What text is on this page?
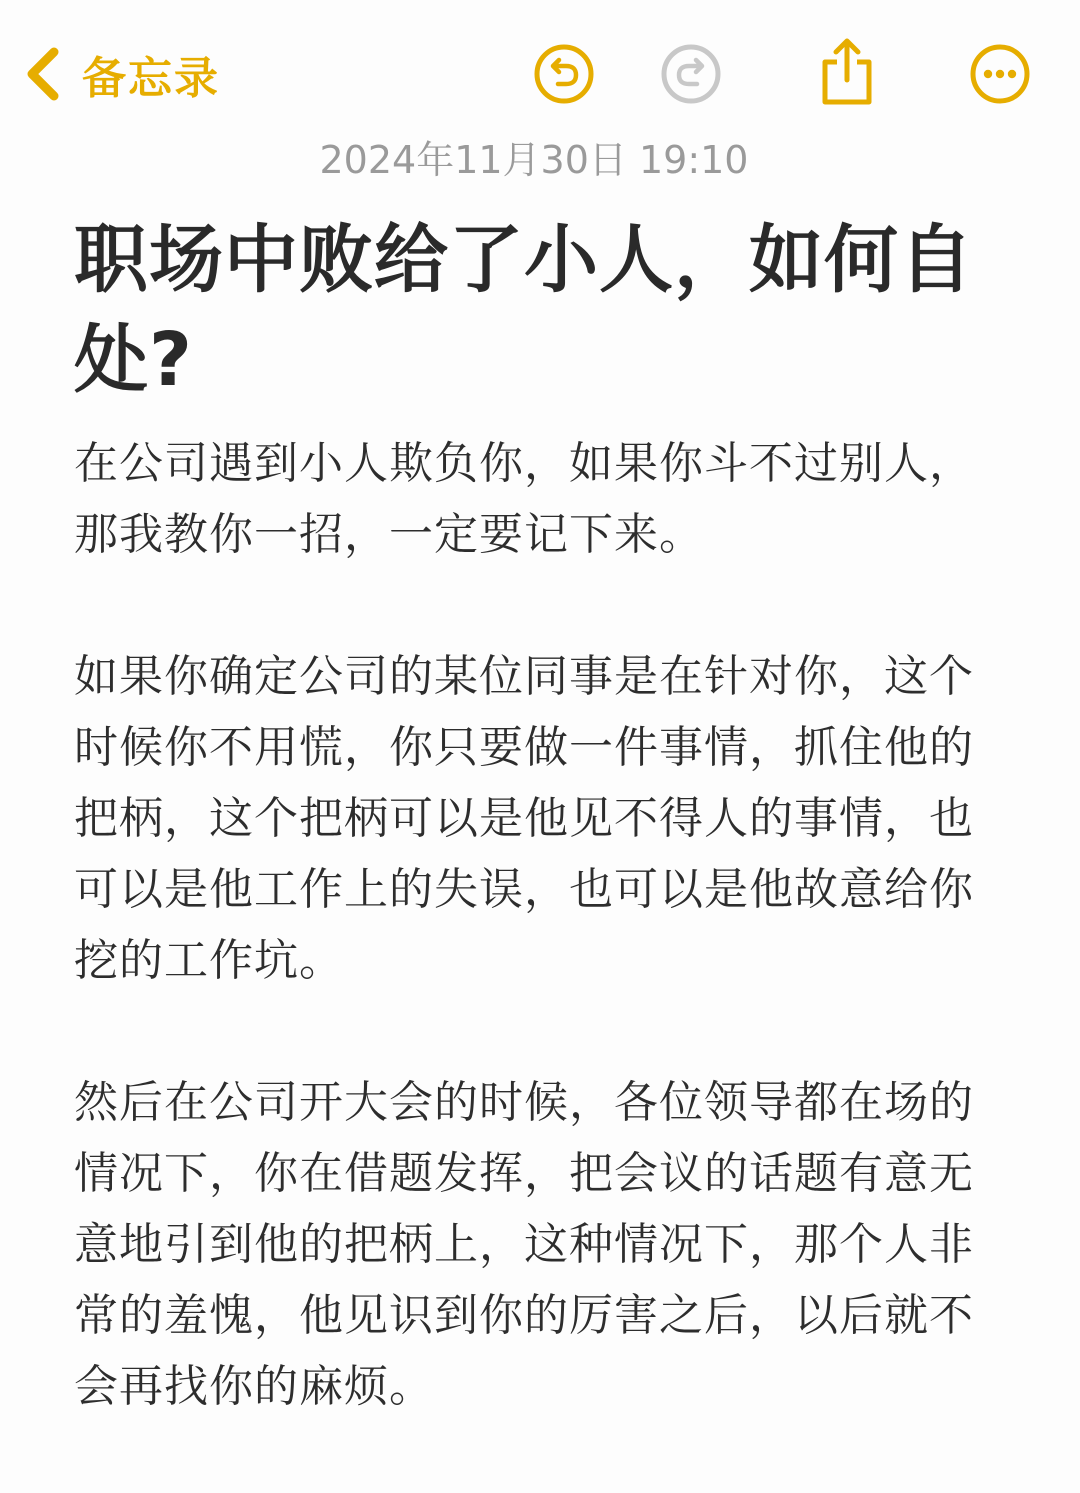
备忘录
2024年11月30日 19:10
职场中败给了小人，如何自处?

在公司遇到小人欺负你，如果你斗不过别人，那我教你一招，一定要记下来。

如果你确定公司的某位同事是在针对你，这个时候你不用慌，你只要做一件事情，抓住他的把柄，这个把柄可以是他见不得人的事情，也可以是他工作上的失误，也可以是他故意给你挖的工作坑。

然后在公司开大会的时候，各位领导都在场的情况下，你在借题发挥，把会议的话题有意无意地引到他的把柄上，这种情况下，那个人非常的羞愧，他见识到你的厉害之后，以后就不会再找你的麻烦。
